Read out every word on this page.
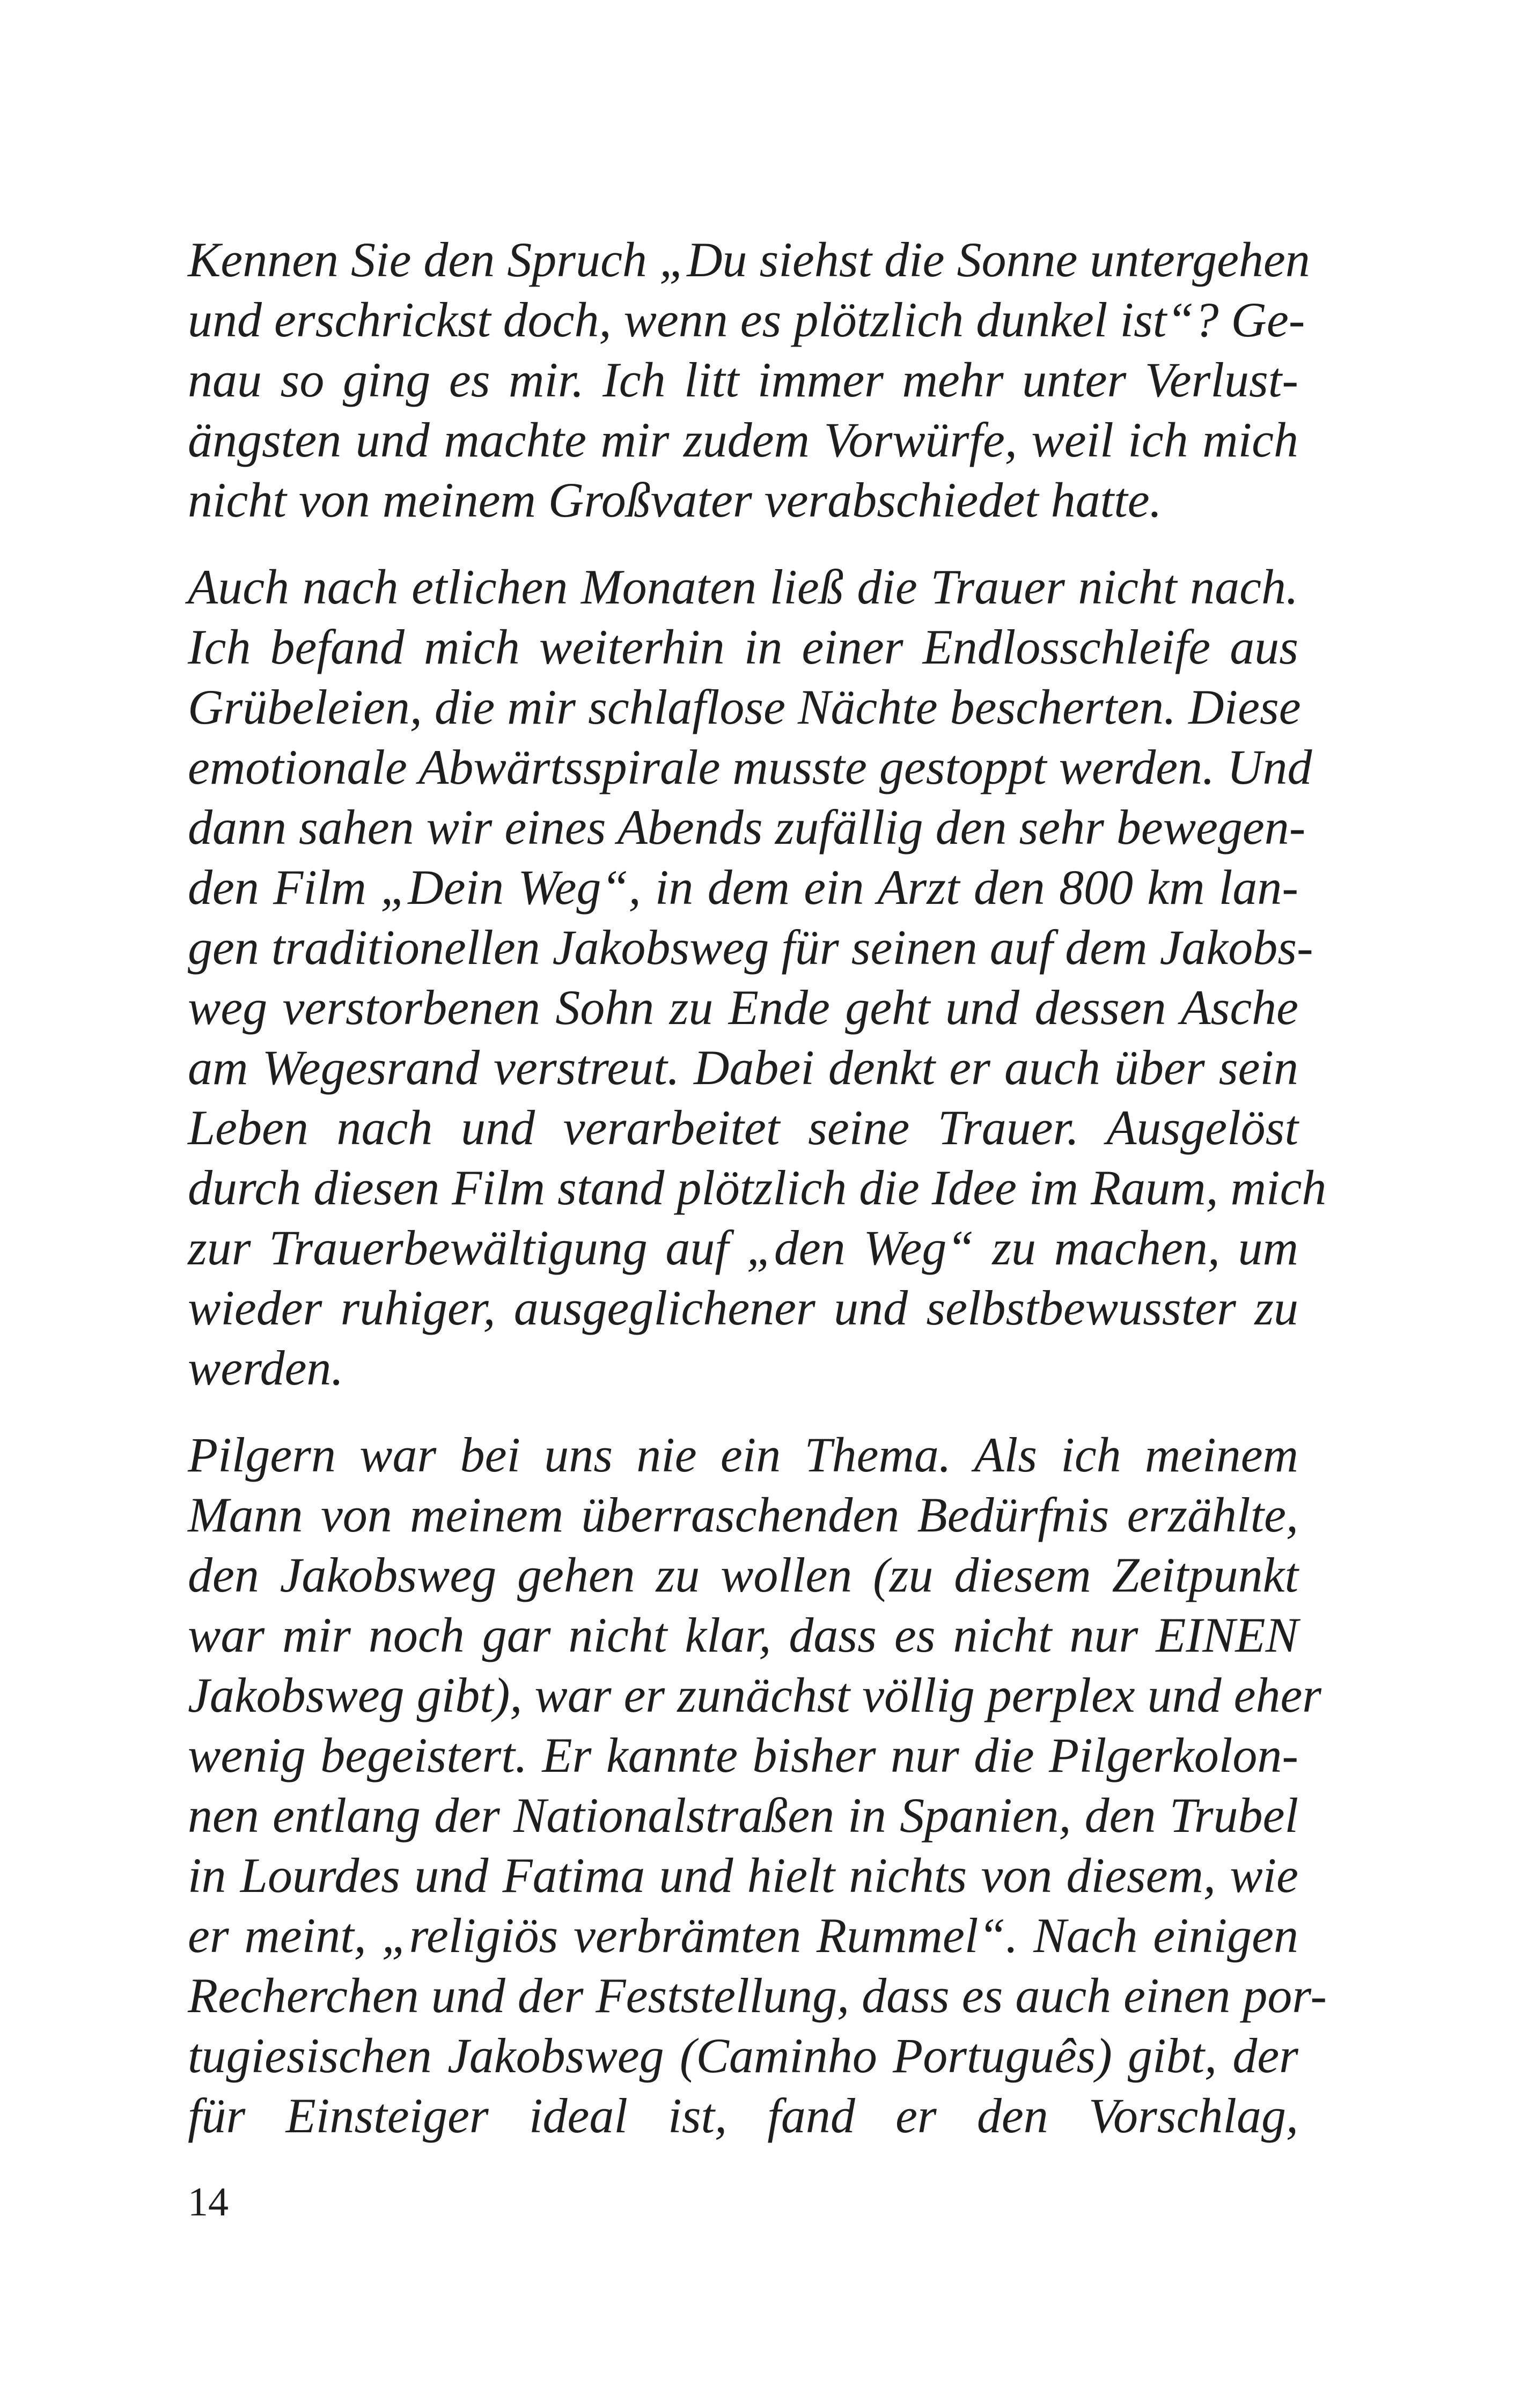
Kennen Sie den Spruch „Du siehst die Sonne untergehen
und erschrickst doch, wenn es plötzlich dunkel ist“? Ge-
nau so ging es mir. Ich litt immer mehr unter Verlust-
ängsten und machte mir zudem Vorwürfe, weil ich mich
nicht von meinem Großvater verabschiedet hatte.
Auch nach etlichen Monaten ließ die Trauer nicht nach.
Ich befand mich weiterhin in einer Endlosschleife aus
Grübeleien, die mir schlaflose Nächte bescherten. Diese
emotionale Abwärtsspirale musste gestoppt werden. Und
dann sahen wir eines Abends zufällig den sehr bewegen-
den Film „Dein Weg“, in dem ein Arzt den 800 km lan-
gen traditionellen Jakobsweg für seinen auf dem Jakobs-
weg verstorbenen Sohn zu Ende geht und dessen Asche
am Wegesrand verstreut. Dabei denkt er auch über sein
Leben nach und verarbeitet seine Trauer. Ausgelöst
durch diesen Film stand plötzlich die Idee im Raum, mich
zur Trauerbewältigung auf „den Weg“ zu machen, um
wieder ruhiger, ausgeglichener und selbstbewusster zu
werden.
Pilgern war bei uns nie ein Thema. Als ich meinem
Mann von meinem überraschenden Bedürfnis erzählte,
den Jakobsweg gehen zu wollen (zu diesem Zeitpunkt
war mir noch gar nicht klar, dass es nicht nur EINEN
Jakobsweg gibt), war er zunächst völlig perplex und eher
wenig begeistert. Er kannte bisher nur die Pilgerkolon-
nen entlang der Nationalstraßen in Spanien, den Trubel
in Lourdes und Fatima und hielt nichts von diesem, wie
er meint, „religiös verbrämten Rummel“. Nach einigen
Recherchen und der Feststellung, dass es auch einen por-
tugiesischen Jakobsweg (Caminho Português) gibt, der
für Einsteiger ideal ist, fand er den Vorschlag,
14
